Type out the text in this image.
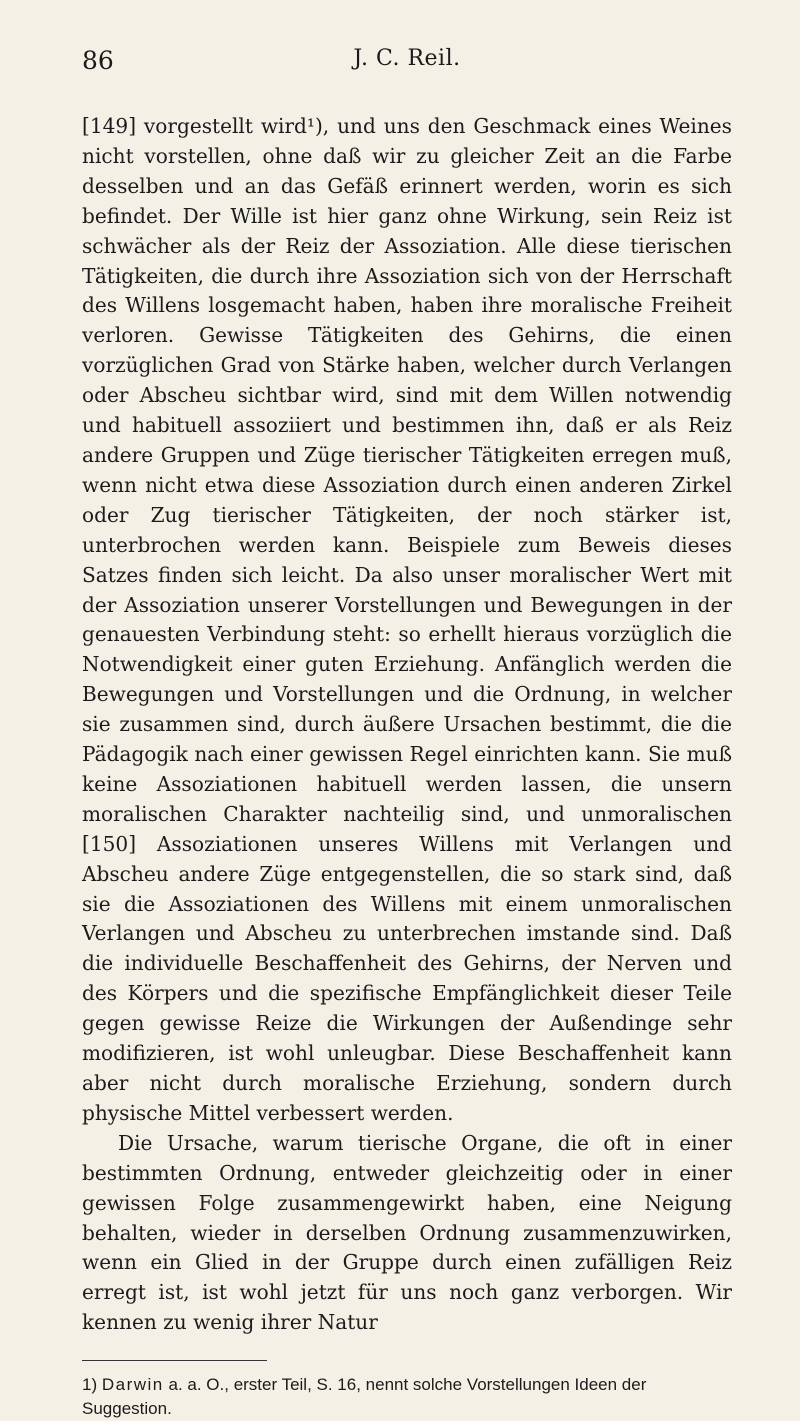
86	J. C. Reil.

[149] vorgestellt wird¹), und uns den Geschmack eines Weines nicht vorstellen, ohne daß wir zu gleicher Zeit an die Farbe desselben und an das Gefäß erinnert werden, worin es sich befindet. Der Wille ist hier ganz ohne Wirkung, sein Reiz ist schwächer als der Reiz der Assoziation. Alle diese tierischen Tätigkeiten, die durch ihre Assoziation sich von der Herrschaft des Willens losgemacht haben, haben ihre moralische Freiheit verloren. Gewisse Tätigkeiten des Gehirns, die einen vorzüglichen Grad von Stärke haben, welcher durch Verlangen oder Abscheu sichtbar wird, sind mit dem Willen notwendig und habituell assoziiert und bestimmen ihn, daß er als Reiz andere Gruppen und Züge tierischer Tätigkeiten erregen muß, wenn nicht etwa diese Assoziation durch einen anderen Zirkel oder Zug tierischer Tätigkeiten, der noch stärker ist, unterbrochen werden kann. Beispiele zum Beweis dieses Satzes finden sich leicht. Da also unser moralischer Wert mit der Assoziation unserer Vorstellungen und Bewegungen in der genauesten Verbindung steht: so erhellt hieraus vorzüglich die Notwendigkeit einer guten Erziehung. Anfänglich werden die Bewegungen und Vorstellungen und die Ordnung, in welcher sie zusammen sind, durch äußere Ursachen bestimmt, die die Pädagogik nach einer gewissen Regel einrichten kann. Sie muß keine Assoziationen habituell werden lassen, die unsern moralischen Charakter nachteilig sind, und unmoralischen [150] Assoziationen unseres Willens mit Verlangen und Abscheu andere Züge entgegenstellen, die so stark sind, daß sie die Assoziationen des Willens mit einem unmoralischen Verlangen und Abscheu zu unterbrechen imstande sind. Daß die individuelle Beschaffenheit des Gehirns, der Nerven und des Körpers und die spezifische Empfänglichkeit dieser Teile gegen gewisse Reize die Wirkungen der Außendinge sehr modifizieren, ist wohl unleugbar. Diese Beschaffenheit kann aber nicht durch moralische Erziehung, sondern durch physische Mittel verbessert werden.

Die Ursache, warum tierische Organe, die oft in einer bestimmten Ordnung, entweder gleichzeitig oder in einer gewissen Folge zusammengewirkt haben, eine Neigung behalten, wieder in derselben Ordnung zusammenzuwirken, wenn ein Glied in der Gruppe durch einen zufälligen Reiz erregt ist, ist wohl jetzt für uns noch ganz verborgen. Wir kennen zu wenig ihrer Natur

1) Darwin a. a. O., erster Teil, S. 16, nennt solche Vorstellungen Ideen der Suggestion.
